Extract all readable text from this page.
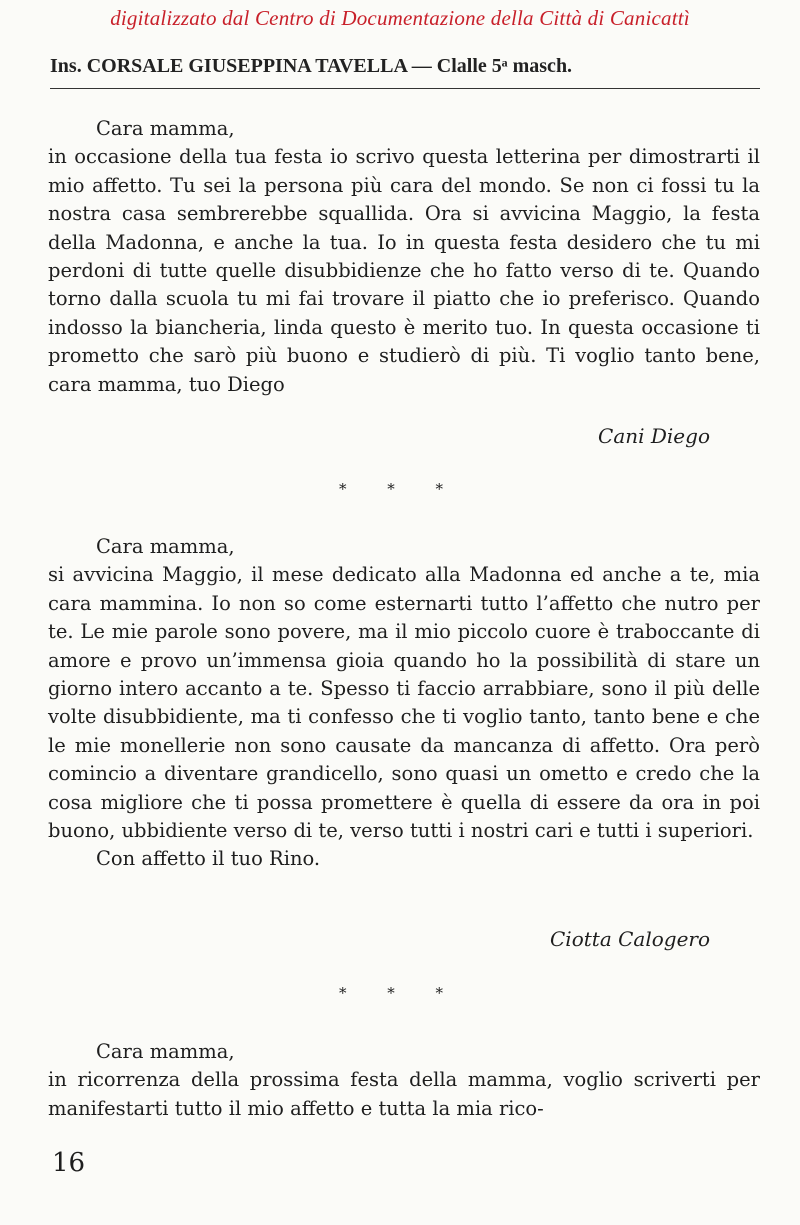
digitalizzato dal Centro di Documentazione della Città di Canicattì
Ins. CORSALE GIUSEPPINA TAVELLA — Clalle 5ᵃ masch.

Cara mamma,

in occasione della tua festa io scrivo questa letterina per dimostrarti il mio affetto. Tu sei la persona più cara del mondo. Se non ci fossi tu la nostra casa sembrerebbe squallida. Ora si avvicina Maggio, la festa della Madonna, e anche la tua. Io in questa festa desidero che tu mi perdoni di tutte quelle disubbidienze che ho fatto verso di te. Quando torno dalla scuola tu mi fai trovare il piatto che io preferisco. Quando indosso la biancheria, linda questo è merito tuo. In questa occasione ti prometto che sarò più buono e studierò di più. Ti voglio tanto bene, cara mamma, tuo Diego

Cani Diego
* * *

Cara mamma,

si avvicina Maggio, il mese dedicato alla Madonna ed anche a te, mia cara mammina. Io non so come esternarti tutto l’affetto che nutro per te. Le mie parole sono povere, ma il mio piccolo cuore è traboccante di amore e provo un’immensa gioia quando ho la possibilità di stare un giorno intero accanto a te. Spesso ti faccio arrabbiare, sono il più delle volte disubbidiente, ma ti confesso che ti voglio tanto, tanto bene e che le mie monellerie non sono causate da mancanza di affetto. Ora però comincio a diventare grandicello, sono quasi un ometto e credo che la cosa migliore che ti possa promettere è quella di essere da ora in poi buono, ubbidiente verso di te, verso tutti i nostri cari e tutti i superiori.

Con affetto il tuo Rino.

Ciotta Calogero
* * *

Cara mamma,

in ricorrenza della prossima festa della mamma, voglio scriverti per manifestarti tutto il mio affetto e tutta la mia rico-

16
